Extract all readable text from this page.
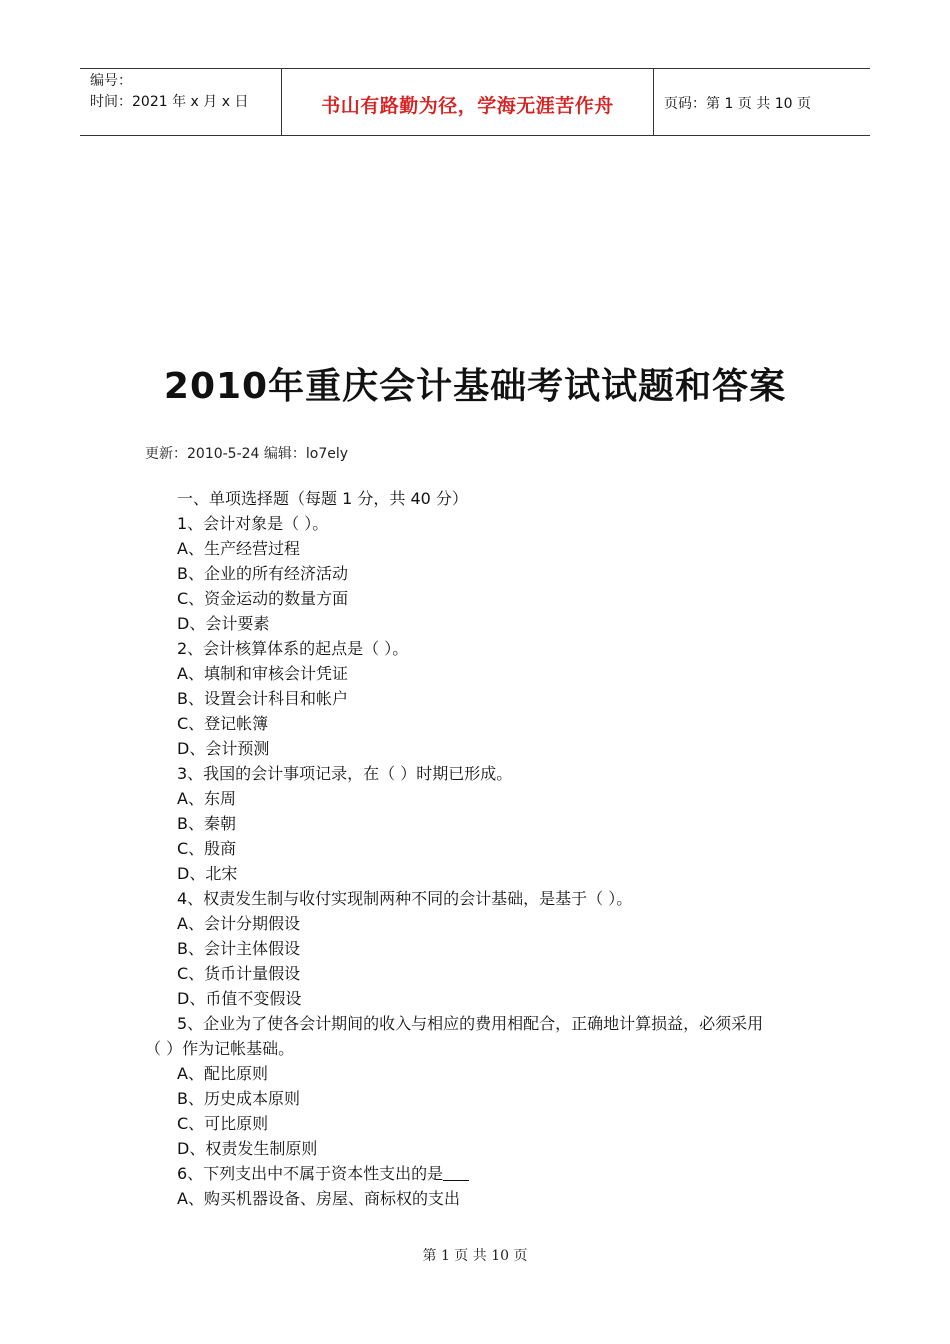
编号：
时间：2021 年 x 月 x 日	书山有路勤为径，学海无涯苦作舟	页码：第 1 页 共 10 页
2010年重庆会计基础考试试题和答案
更新：2010-5-24 编辑：lo7ely
一、单项选择题（每题 1 分，共 40 分）
1、会计对象是（ ）。
A、生产经营过程
B、企业的所有经济活动
C、资金运动的数量方面
D、会计要素
2、会计核算体系的起点是（ ）。
A、填制和审核会计凭证
B、设置会计科目和帐户
C、登记帐簿
D、会计预测
3、我国的会计事项记录，在（ ）时期已形成。
A、东周
B、秦朝
C、殷商
D、北宋
4、权责发生制与收付实现制两种不同的会计基础，是基于（ ）。
A、会计分期假设
B、会计主体假设
C、货币计量假设
D、币值不变假设
5、企业为了使各会计期间的收入与相应的费用相配合，正确地计算损益，必须采用
（ ）作为记帐基础。
A、配比原则
B、历史成本原则
C、可比原则
D、权责发生制原则
6、下列支出中不属于资本性支出的是
A、购买机器设备、房屋、商标权的支出
第 1 页 共 10 页
